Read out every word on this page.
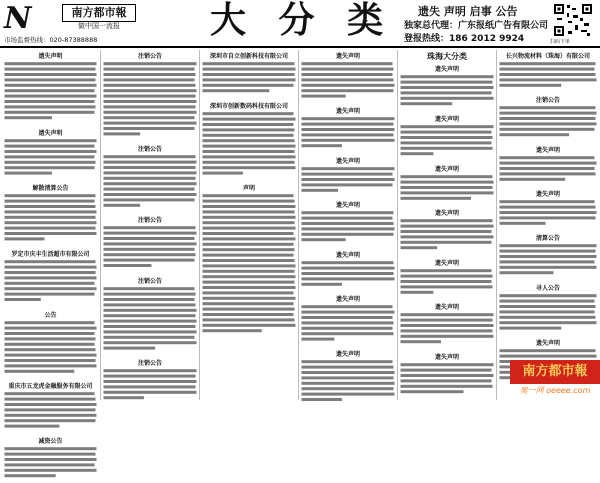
N	南方都市報
做中国一流报
市场监督热线：020-87388888	大 分 类 遗失 声明 启事 公告
独家总代理：广东报纸广告有限公司
登报热线：186 2012 9924	扫码下单
遗失声明
遗失声明
解散清算公告
罗定市庆丰生活超市有限公司
公告
重庆市五龙虎金融服务有限公司
减资公告
注销公告
注销公告
注销公告
注销公告
注销公告
深圳市自立创新科技有限公司
深圳市创新数码科技有限公司
声明
遗失声明
遗失声明
遗失声明
遗失声明
遗失声明
遗失声明
遗失声明
珠海大分类
遗失声明
遗失声明
遗失声明
遗失声明
遗失声明
遗失声明
遗失声明
长兴物流材料（珠海）有限公司
注销公告
遗失声明
遗失声明
清算公告
寻人公告
遗失声明
南方都市報
奥一网 oeeee.com
